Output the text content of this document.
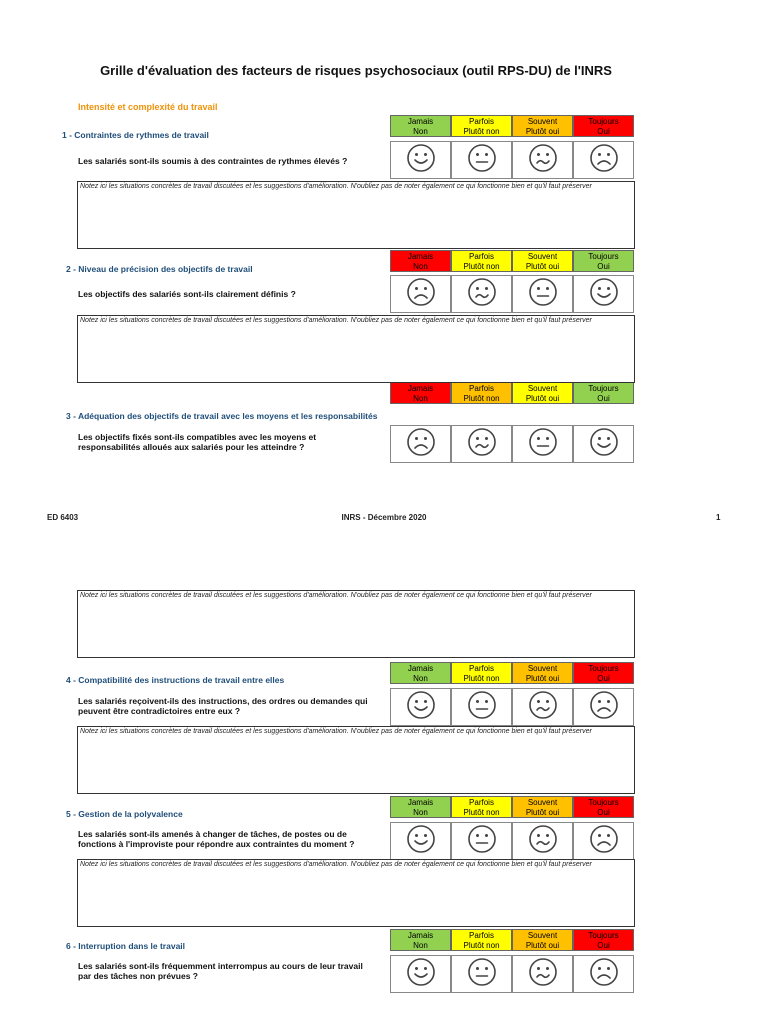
Grille d'évaluation des facteurs de risques psychosociaux (outil RPS-DU) de l'INRS
Intensité et complexité du travail
1 - Contraintes de rythmes de travail
Les salariés sont-ils soumis à des contraintes de rythmes élevés ?
Jamais
Non
Parfois
Plutôt non
Souvent
Plutôt oui
Toujours
Oui
2 - Niveau de précision des objectifs de travail
Les objectifs des salariés sont-ils clairement définis ?
Jamais
Non
Parfois
Plutôt non
Souvent
Plutôt oui
Toujours
Oui
3 - Adéquation des objectifs de travail avec les moyens et les responsabilités
Les objectifs fixés sont-ils compatibles avec les moyens et responsabilités alloués aux salariés pour les atteindre ?
Jamais
Non
Parfois
Plutôt non
Souvent
Plutôt oui
Toujours
Oui
4 - Compatibilité des instructions de travail entre elles
Les salariés reçoivent-ils des instructions, des ordres ou demandes qui peuvent être contradictoires entre eux ?
Jamais
Non
Parfois
Plutôt non
Souvent
Plutôt oui
Toujours
Oui
5 - Gestion de la polyvalence
Les salariés sont-ils amenés à changer de tâches, de postes ou de fonctions à l'improviste pour répondre aux contraintes du moment ?
Jamais
Non
Parfois
Plutôt non
Souvent
Plutôt oui
Toujours
Oui
6 - Interruption dans le travail
Les salariés sont-ils fréquemment interrompus au cours de leur travail par des tâches non prévues ?
Jamais
Non
Parfois
Plutôt non
Souvent
Plutôt oui
Toujours
Oui
Notez ici les situations concrètes de travail discutées et les suggestions d'amélioration. N'oubliez pas de noter également ce qui fonctionne bien et qu'il faut préserver
Notez ici les situations concrètes de travail discutées et les suggestions d'amélioration. N'oubliez pas de noter également ce qui fonctionne bien et qu'il faut préserver
Notez ici les situations concrètes de travail discutées et les suggestions d'amélioration. N'oubliez pas de noter également ce qui fonctionne bien et qu'il faut préserver
Notez ici les situations concrètes de travail discutées et les suggestions d'amélioration. N'oubliez pas de noter également ce qui fonctionne bien et qu'il faut préserver
Notez ici les situations concrètes de travail discutées et les suggestions d'amélioration. N'oubliez pas de noter également ce qui fonctionne bien et qu'il faut préserver
ED 6403	INRS - Décembre 2020	1
